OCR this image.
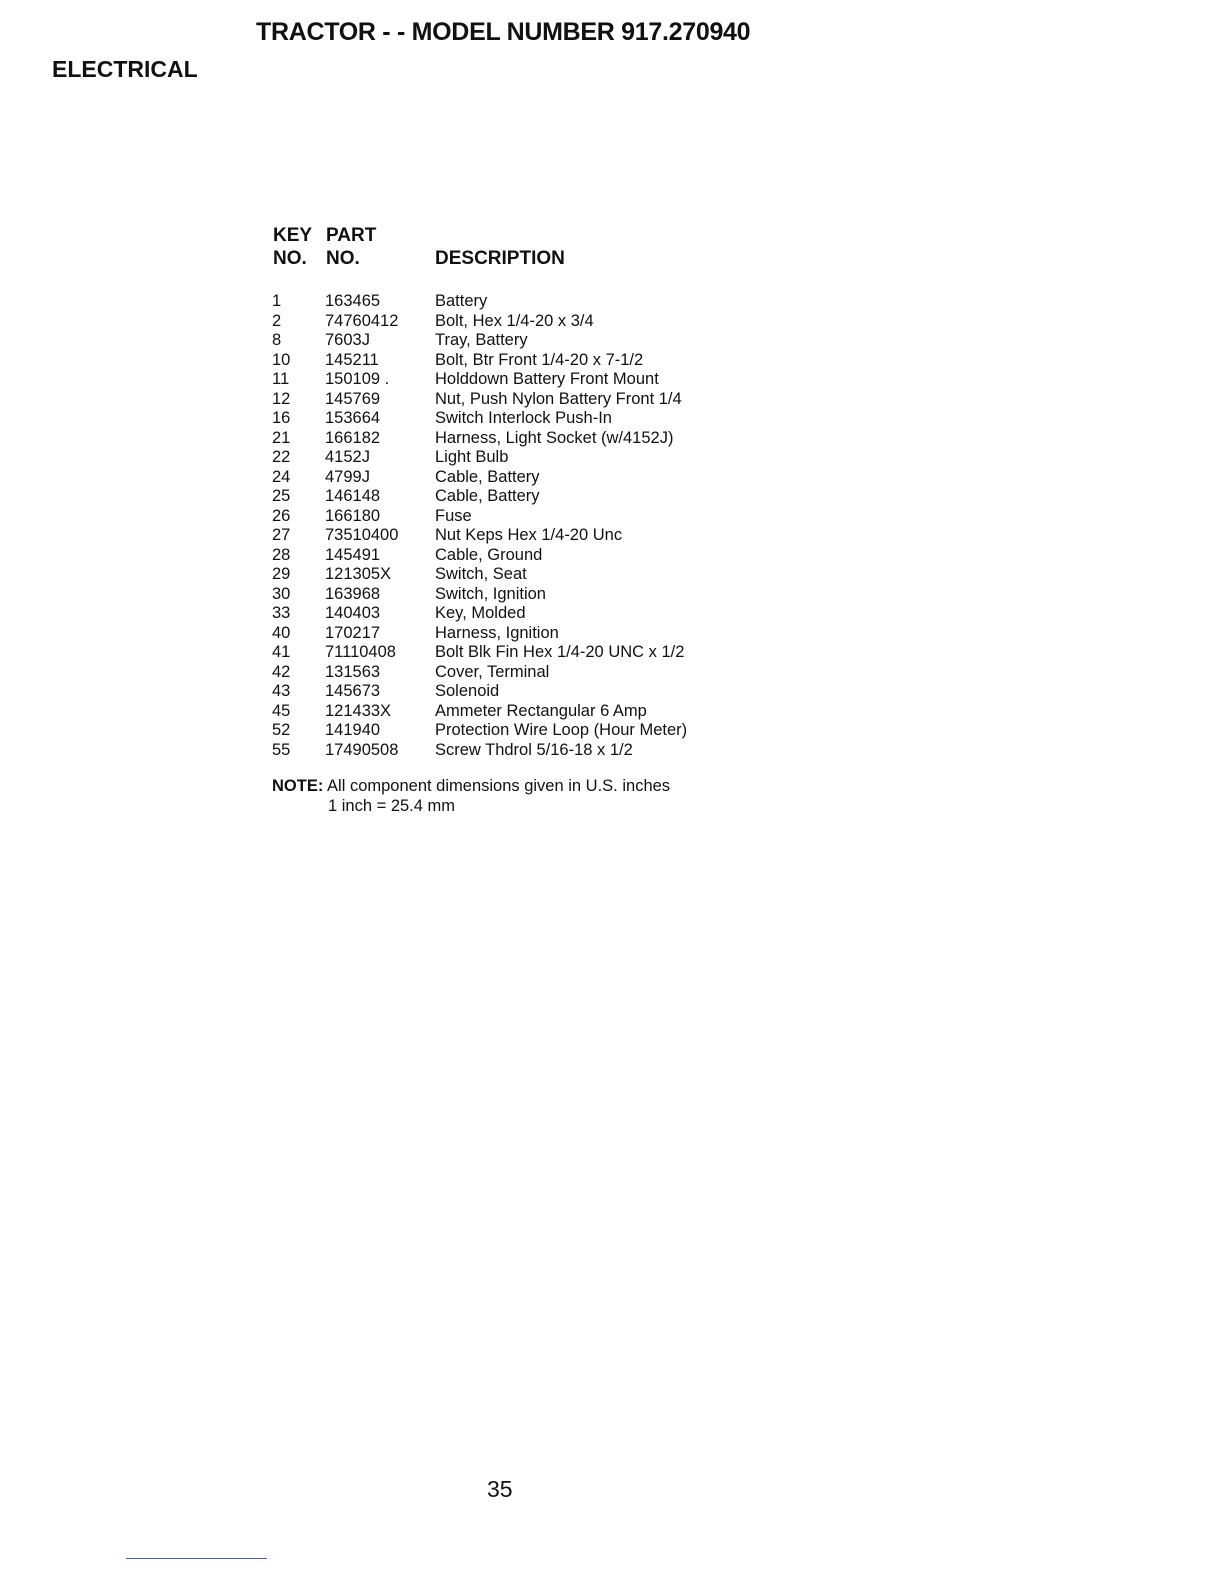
TRACTOR - - MODEL NUMBER 917.270940
ELECTRICAL
KEY
NO.
PART
NO.	DESCRIPTION
1	163465	Battery
2	74760412 Bolt, Hex 1/4-20 x 3/4
8	7603J	Tray, Battery
10 145211	Bolt, Btr Front 1/4-20 x 7-1/2
11 150109 .	Holddown Battery Front Mount
12 145769	Nut, Push Nylon Battery Front 1/4
16 153664	Switch Interlock Push-In
21 166182	Harness, Light Socket (w/4152J)
22 4152J	Light Bulb
24 4799J	Cable, Battery
25 146148	Cable, Battery
26 166180	Fuse
27 73510400 Nut Keps Hex 1/4-20 Unc
28 145491	Cable, Ground
29 121305X	Switch, Seat
30 163968	Switch, Ignition
33 140403	Key, Molded
40 170217	Harness, Ignition
41 71110408 Bolt Blk Fin Hex 1/4-20 UNC x 1/2
42 131563	Cover, Terminal
43 145673	Solenoid
45 121433X	Ammeter Rectangular 6 Amp
52 141940	Protection Wire Loop (Hour Meter)
55 17490508 Screw Thdrol 5/16-18 x 1/2
NOTE: All component dimensions given in U.S. inches
1 inch = 25.4 mm
35
